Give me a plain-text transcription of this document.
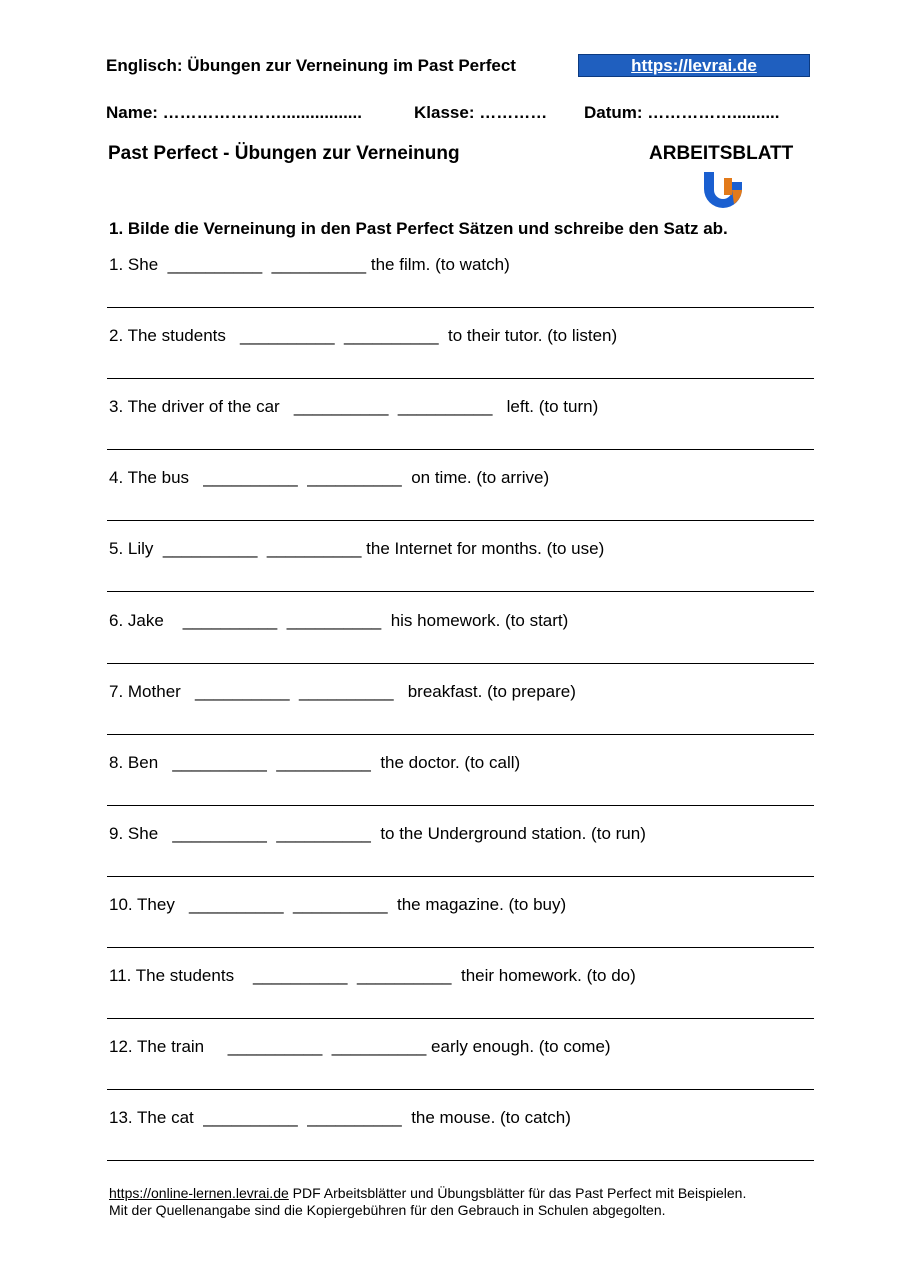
Englisch: Übungen zur Verneinung im Past Perfect	https://levrai.de
Name: ………………….................	Klasse: ………… Datum: ……………..........
Past Perfect - Übungen zur Verneinung	ARBEITSBLATT
1. Bilde die Verneinung in den Past Perfect Sätzen und schreibe den Satz ab.
1. She  __________  __________ the film. (to watch)
2. The students   __________  __________  to their tutor. (to listen)
3. The driver of the car   __________  __________   left. (to turn)
4. The bus   __________  __________  on time. (to arrive)
5. Lily  __________  __________ the Internet for months. (to use)
6. Jake    __________  __________  his homework. (to start)
7. Mother   __________  __________   breakfast. (to prepare)
8. Ben   __________  __________  the doctor. (to call)
9. She   __________  __________  to the Underground station. (to run)
10. They   __________  __________  the magazine. (to buy)
11. The students    __________  __________  their homework. (to do)
12. The train     __________  __________ early enough. (to come)
13. The cat  __________  __________  the mouse. (to catch)
https://online-lernen.levrai.de PDF Arbeitsblätter und Übungsblätter für das Past Perfect mit Beispielen.
Mit der Quellenangabe sind die Kopiergebühren für den Gebrauch in Schulen abgegolten.
